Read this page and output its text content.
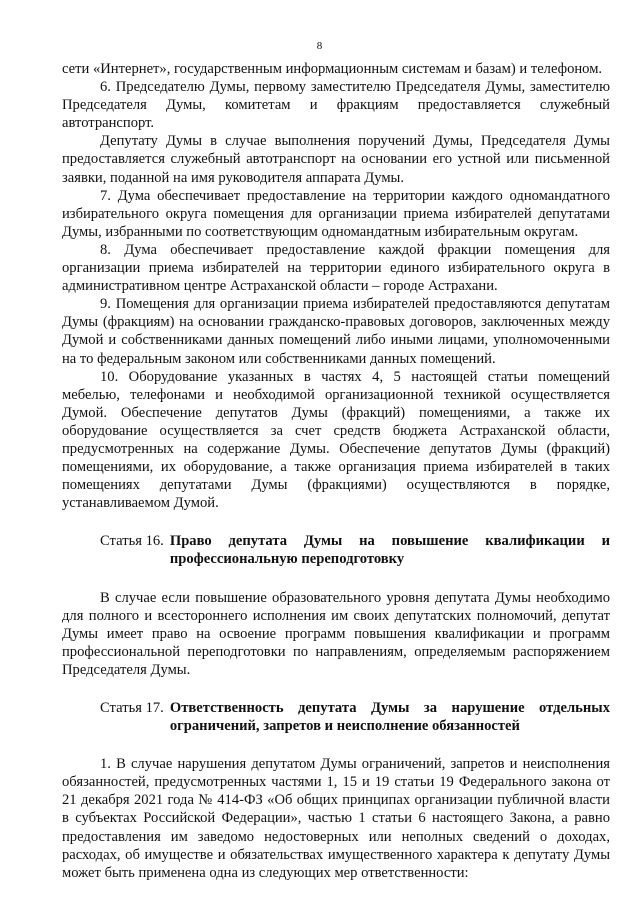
8

сети «Интернет», государственным информационным системам и базам) и телефоном.

6. Председателю Думы, первому заместителю Председателя Думы, заместителю Председателя Думы, комитетам и фракциям предоставляется служебный автотранспорт.

Депутату Думы в случае выполнения поручений Думы, Председателя Думы предоставляется служебный автотранспорт на основании его устной или письменной заявки, поданной на имя руководителя аппарата Думы.

7. Дума обеспечивает предоставление на территории каждого одномандатного избирательного округа помещения для организации приема избирателей депутатами Думы, избранными по соответствующим одномандатным избирательным округам.

8. Дума обеспечивает предоставление каждой фракции помещения для организации приема избирателей на территории единого избирательного округа в административном центре Астраханской области – городе Астрахани.

9. Помещения для организации приема избирателей предоставляются депутатам Думы (фракциям) на основании гражданско-правовых договоров, заключенных между Думой и собственниками данных помещений либо иными лицами, уполномоченными на то федеральным законом или собственниками данных помещений.

10. Оборудование указанных в частях 4, 5 настоящей статьи помещений мебелью, телефонами и необходимой организационной техникой осуществляется Думой. Обеспечение депутатов Думы (фракций) помещениями, а также их оборудование осуществляется за счет средств бюджета Астраханской области, предусмотренных на содержание Думы. Обеспечение депутатов Думы (фракций) помещениями, их оборудование, а также организация приема избирателей в таких помещениях депутатами Думы (фракциями) осуществляются в порядке, устанавливаемом Думой.

Статья 16. Право депутата Думы на повышение квалификации и профессиональную переподготовку

В случае если повышение образовательного уровня депутата Думы необходимо для полного и всестороннего исполнения им своих депутатских полномочий, депутат Думы имеет право на освоение программ повышения квалификации и программ профессиональной переподготовки по направлениям, определяемым распоряжением Председателя Думы.

Статья 17. Ответственность депутата Думы за нарушение отдельных ограничений, запретов и неисполнение обязанностей

1. В случае нарушения депутатом Думы ограничений, запретов и неисполнения обязанностей, предусмотренных частями 1, 15 и 19 статьи 19 Федерального закона от 21 декабря 2021 года № 414-ФЗ «Об общих принципах организации публичной власти в субъектах Российской Федерации», частью 1 статьи 6 настоящего Закона, а равно предоставления им заведомо недостоверных или неполных сведений о доходах, расходах, об имуществе и обязательствах имущественного характера к депутату Думы может быть применена одна из следующих мер ответственности:
